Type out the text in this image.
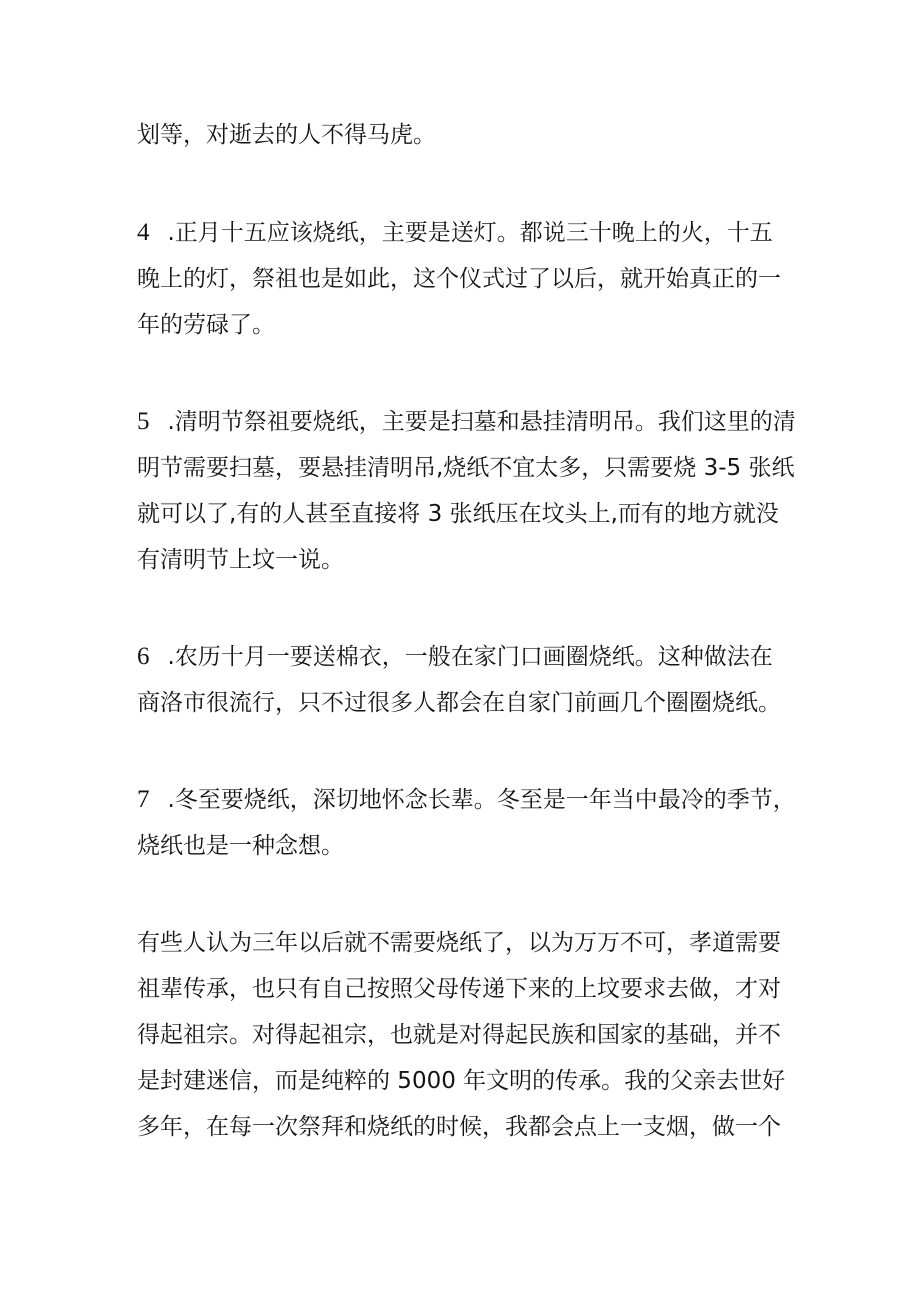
划等，对逝去的人不得马虎。

4 .正月十五应该烧纸，主要是送灯。都说三十晚上的火，十五
晚上的灯，祭祖也是如此，这个仪式过了以后，就开始真正的一
年的劳碌了。

5 .清明节祭祖要烧纸，主要是扫墓和悬挂清明吊。我们这里的清
明节需要扫墓，要悬挂清明吊,烧纸不宜太多，只需要烧 3-5 张纸
就可以了,有的人甚至直接将 3 张纸压在坟头上,而有的地方就没
有清明节上坟一说。

6 .农历十月一要送棉衣，一般在家门口画圈烧纸。这种做法在
商洛市很流行，只不过很多人都会在自家门前画几个圈圈烧纸。

7 .冬至要烧纸，深切地怀念长辈。冬至是一年当中最冷的季节，
烧纸也是一种念想。

有些人认为三年以后就不需要烧纸了，以为万万不可，孝道需要
祖辈传承，也只有自己按照父母传递下来的上坟要求去做，才对
得起祖宗。对得起祖宗，也就是对得起民族和国家的基础，并不
是封建迷信，而是纯粹的 5000 年文明的传承。我的父亲去世好
多年，在每一次祭拜和烧纸的时候，我都会点上一支烟，做一个
